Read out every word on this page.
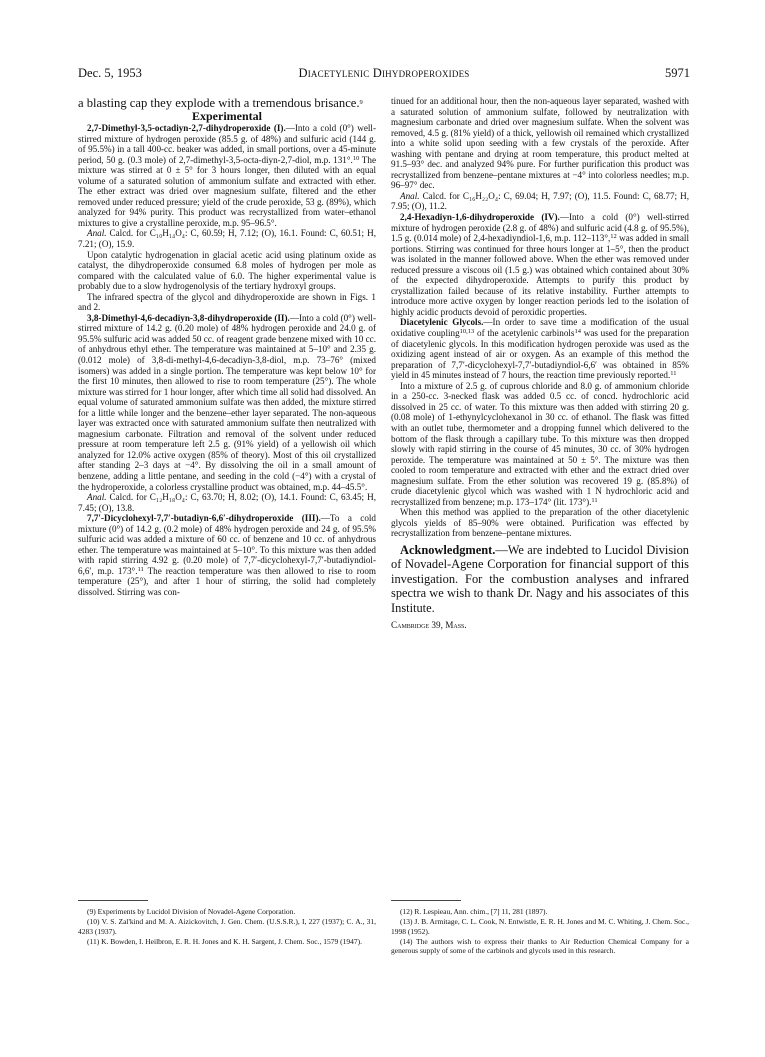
Dec. 5, 1953	Diacetylenic Dihydroperoxides	5971

a blasting cap they explode with a tremendous brisance.$^9$

Experimental

2,7-Dimethyl-3,5-octadiyn-2,7-dihydroperoxide (I).—Into a cold (0°) well-stirred mixture of hydrogen peroxide (85.5 g. of 48%) and sulfuric acid (144 g. of 95.5%) in a tall 400-cc. beaker was added, in small portions, over a 45-minute period, 50 g. (0.3 mole) of 2,7-dimethyl-3,5-octa-diyn-2,7-diol, m.p. 131°.$^{10}$ The mixture was stirred at 0 ± 5° for 3 hours longer, then diluted with an equal volume of a saturated solution of ammonium sulfate and extracted with ether. The ether extract was dried over magnesium sulfate, filtered and the ether removed under reduced pressure; yield of the crude peroxide, 53 g. (89%), which analyzed for 94% purity. This product was recrystallized from water–ethanol mixtures to give a crystalline peroxide, m.p. 95–96.5°.

Anal. Calcd. for C₁₀H₁₄O₄: C, 60.59; H, 7.12; (O), 16.1. Found: C, 60.51; H, 7.21; (O), 15.9.

Upon catalytic hydrogenation in glacial acetic acid using platinum oxide as catalyst, the dihydroperoxide consumed 6.8 moles of hydrogen per mole as compared with the calculated value of 6.0. The higher experimental value is probably due to a slow hydrogenolysis of the tertiary hydroxyl groups.

The infrared spectra of the glycol and dihydroperoxide are shown in Figs. 1 and 2.

3,8-Dimethyl-4,6-decadiyn-3,8-dihydroperoxide (II).—Into a cold (0°) well-stirred mixture of 14.2 g. (0.20 mole) of 48% hydrogen peroxide and 24.0 g. of 95.5% sulfuric acid was added 50 cc. of reagent grade benzene mixed with 10 cc. of anhydrous ethyl ether. The temperature was maintained at 5–10° and 2.35 g. (0.012 mole) of 3,8-di-methyl-4,6-decadiyn-3,8-diol, m.p. 73–76° (mixed isomers) was added in a single portion. The temperature was kept below 10° for the first 10 minutes, then allowed to rise to room temperature (25°). The whole mixture was stirred for 1 hour longer, after which time all solid had dissolved. An equal volume of saturated ammonium sulfate was then added, the mixture stirred for a little while longer and the benzene–ether layer separated. The non-aqueous layer was extracted once with saturated ammonium sulfate then neutralized with magnesium carbonate. Filtration and removal of the solvent under reduced pressure at room temperature left 2.5 g. (91% yield) of a yellowish oil which analyzed for 12.0% active oxygen (85% of theory). Most of this oil crystallized after standing 2–3 days at −4°. By dissolving the oil in a small amount of benzene, adding a little pentane, and seeding in the cold (−4°) with a crystal of the hydroperoxide, a colorless crystalline product was obtained, m.p. 44–45.5°.

Anal. Calcd. for C₁₂H₁₈O₄: C, 63.70; H, 8.02; (O), 14.1. Found: C, 63.45; H, 7.45; (O), 13.8.

7,7′-Dicyclohexyl-7,7′-butadiyn-6,6′-dihydroperoxide (III).—To a cold mixture (0°) of 14.2 g. (0.2 mole) of 48% hydrogen peroxide and 24 g. of 95.5% sulfuric acid was added a mixture of 60 cc. of benzene and 10 cc. of anhydrous ether. The temperature was maintained at 5–10°. To this mixture was then added with rapid stirring 4.92 g. (0.20 mole) of 7,7′-dicyclohexyl-7,7′-butadiyndiol-6,6′, m.p. 173°.$^{11}$ The reaction temperature was then allowed to rise to room temperature (25°), and after 1 hour of stirring, the solid had completely dissolved. Stirring was con-

tinued for an additional hour, then the non-aqueous layer separated, washed with a saturated solution of ammonium sulfate, followed by neutralization with magnesium carbonate and dried over magnesium sulfate. When the solvent was removed, 4.5 g. (81% yield) of a thick, yellowish oil remained which crystallized into a white solid upon seeding with a few crystals of the peroxide. After washing with pentane and drying at room temperature, this product melted at 91.5–93° dec. and analyzed 94% pure. For further purification this product was recrystallized from benzene–pentane mixtures at −4° into colorless needles; m.p. 96–97° dec.

Anal. Calcd. for C₁₆H₂₂O₄: C, 69.04; H, 7.97; (O), 11.5. Found: C, 68.77; H, 7.95; (O), 11.2.

2,4-Hexadiyn-1,6-dihydroperoxide (IV).—Into a cold (0°) well-stirred mixture of hydrogen peroxide (2.8 g. of 48%) and sulfuric acid (4.8 g. of 95.5%), 1.5 g. (0.014 mole) of 2,4-hexadiyndiol-1,6, m.p. 112–113°,$^{12}$ was added in small portions. Stirring was continued for three hours longer at 1–5°, then the product was isolated in the manner followed above. When the ether was removed under reduced pressure a viscous oil (1.5 g.) was obtained which contained about 30% of the expected dihydroperoxide. Attempts to purify this product by crystallization failed because of its relative instability. Further attempts to introduce more active oxygen by longer reaction periods led to the isolation of highly acidic products devoid of peroxidic properties.

Diacetylenic Glycols.—In order to save time a modification of the usual oxidative coupling$^{10,13}$ of the acetylenic carbinols$^{14}$ was used for the preparation of diacetylenic glycols. In this modification hydrogen peroxide was used as the oxidizing agent instead of air or oxygen. As an example of this method the preparation of 7,7′-dicyclohexyl-7,7′-butadiyndiol-6,6′ was obtained in 85% yield in 45 minutes instead of 7 hours, the reaction time previously reported.$^{11}$

Into a mixture of 2.5 g. of cuprous chloride and 8.0 g. of ammonium chloride in a 250-cc. 3-necked flask was added 0.5 cc. of concd. hydrochloric acid dissolved in 25 cc. of water. To this mixture was then added with stirring 20 g. (0.08 mole) of 1-ethynylcyclohexanol in 30 cc. of ethanol. The flask was fitted with an outlet tube, thermometer and a dropping funnel which delivered to the bottom of the flask through a capillary tube. To this mixture was then dropped slowly with rapid stirring in the course of 45 minutes, 30 cc. of 30% hydrogen peroxide. The temperature was maintained at 50 ± 5°. The mixture was then cooled to room temperature and extracted with ether and the extract dried over magnesium sulfate. From the ether solution was recovered 19 g. (85.8%) of crude diacetylenic glycol which was washed with 1 N hydrochloric acid and recrystallized from benzene; m.p. 173–174° (lit. 173°).$^{11}$

When this method was applied to the preparation of the other diacetylenic glycols yields of 85–90% were obtained. Purification was effected by recrystallization from benzene–pentane mixtures.

Acknowledgment.—We are indebted to Lucidol Division of Novadel-Agene Corporation for financial support of this investigation. For the combustion analyses and infrared spectra we wish to thank Dr. Nagy and his associates of this Institute.

Cambridge 39, Mass.

(9) Experiments by Lucidol Division of Novadel-Agene Corporation.

(10) V. S. Zal'kind and M. A. Aizickovitch, J. Gen. Chem. (U.S.S.R.), I, 227 (1937); C. A., 31, 4283 (1937).

(11) K. Bowden, I. Heilbron, E. R. H. Jones and K. H. Sargent, J. Chem. Soc., 1579 (1947).

(12) R. Lespieau, Ann. chim., [7] 11, 281 (1897).

(13) J. B. Armitage, C. L. Cook, N. Entwistle, E. R. H. Jones and M. C. Whiting, J. Chem. Soc., 1998 (1952).

(14) The authors wish to express their thanks to Air Reduction Chemical Company for a generous supply of some of the carbinols and glycols used in this research.
